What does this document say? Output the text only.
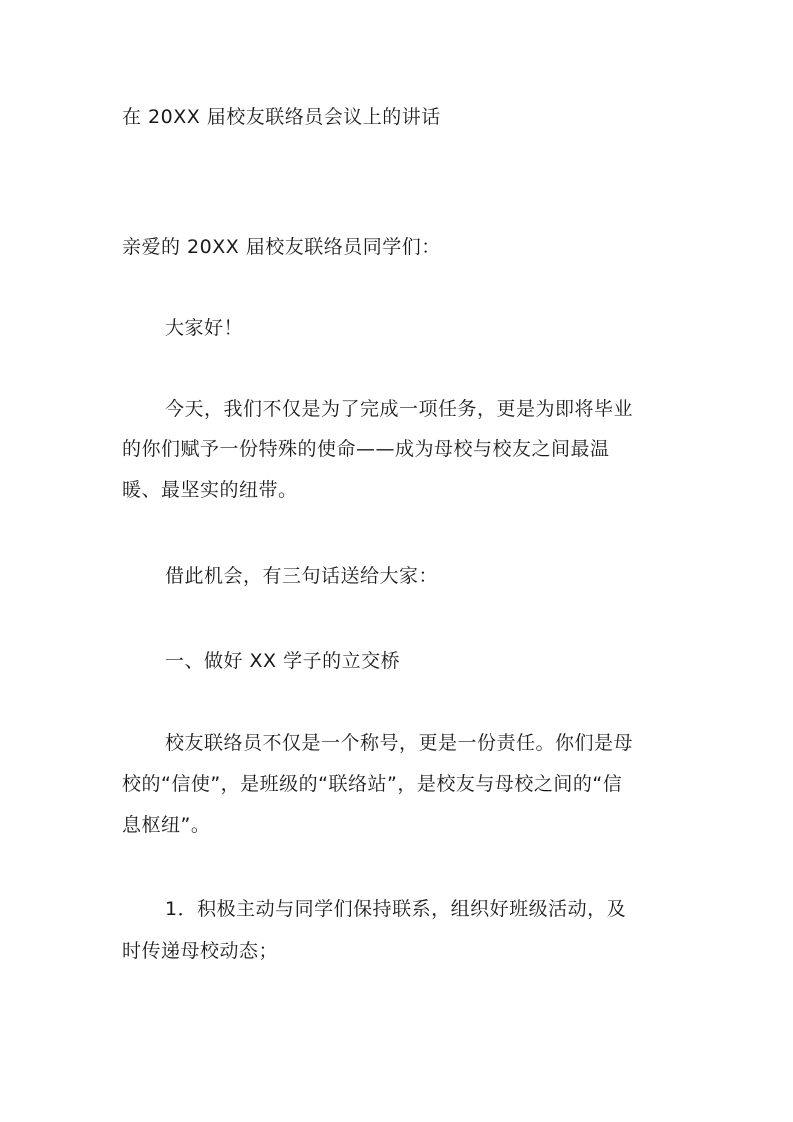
在 20XX 届校友联络员会议上的讲话
亲爱的 20XX 届校友联络员同学们：
大家好！
今天，我们不仅是为了完成一项任务，更是为即将毕业
的你们赋予一份特殊的使命——成为母校与校友之间最温
暖、最坚实的纽带。
借此机会，有三句话送给大家：
一、做好 XX 学子的立交桥
校友联络员不仅是一个称号，更是一份责任。你们是母
校的“信使”，是班级的“联络站”，是校友与母校之间的“信
息枢纽”。
1．积极主动与同学们保持联系，组织好班级活动，及
时传递母校动态；
